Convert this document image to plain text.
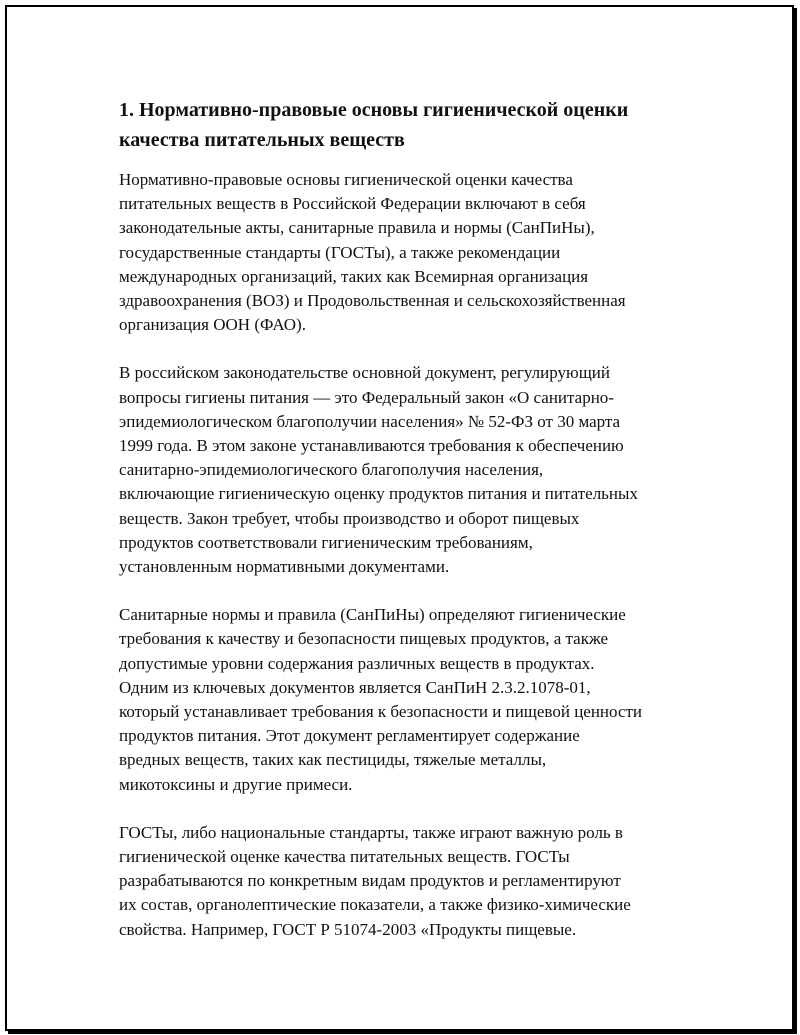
1. Нормативно-правовые основы гигиенической оценки
качества питательных веществ

Нормативно-правовые основы гигиенической оценки качества
питательных веществ в Российской Федерации включают в себя
законодательные акты, санитарные правила и нормы (СанПиНы),
государственные стандарты (ГОСТы), а также рекомендации
международных организаций, таких как Всемирная организация
здравоохранения (ВОЗ) и Продовольственная и сельскохозяйственная
организация ООН (ФАО).

В российском законодательстве основной документ, регулирующий
вопросы гигиены питания — это Федеральный закон «О санитарно-
эпидемиологическом благополучии населения» № 52-ФЗ от 30 марта
1999 года. В этом законе устанавливаются требования к обеспечению
санитарно-эпидемиологического благополучия населения,
включающие гигиеническую оценку продуктов питания и питательных
веществ. Закон требует, чтобы производство и оборот пищевых
продуктов соответствовали гигиеническим требованиям,
установленным нормативными документами.

Санитарные нормы и правила (СанПиНы) определяют гигиенические
требования к качеству и безопасности пищевых продуктов, а также
допустимые уровни содержания различных веществ в продуктах.
Одним из ключевых документов является СанПиН 2.3.2.1078-01,
который устанавливает требования к безопасности и пищевой ценности
продуктов питания. Этот документ регламентирует содержание
вредных веществ, таких как пестициды, тяжелые металлы,
микотоксины и другие примеси.

ГОСТы, либо национальные стандарты, также играют важную роль в
гигиенической оценке качества питательных веществ. ГОСТы
разрабатываются по конкретным видам продуктов и регламентируют
их состав, органолептические показатели, а также физико-химические
свойства. Например, ГОСТ Р 51074-2003 «Продукты пищевые.
